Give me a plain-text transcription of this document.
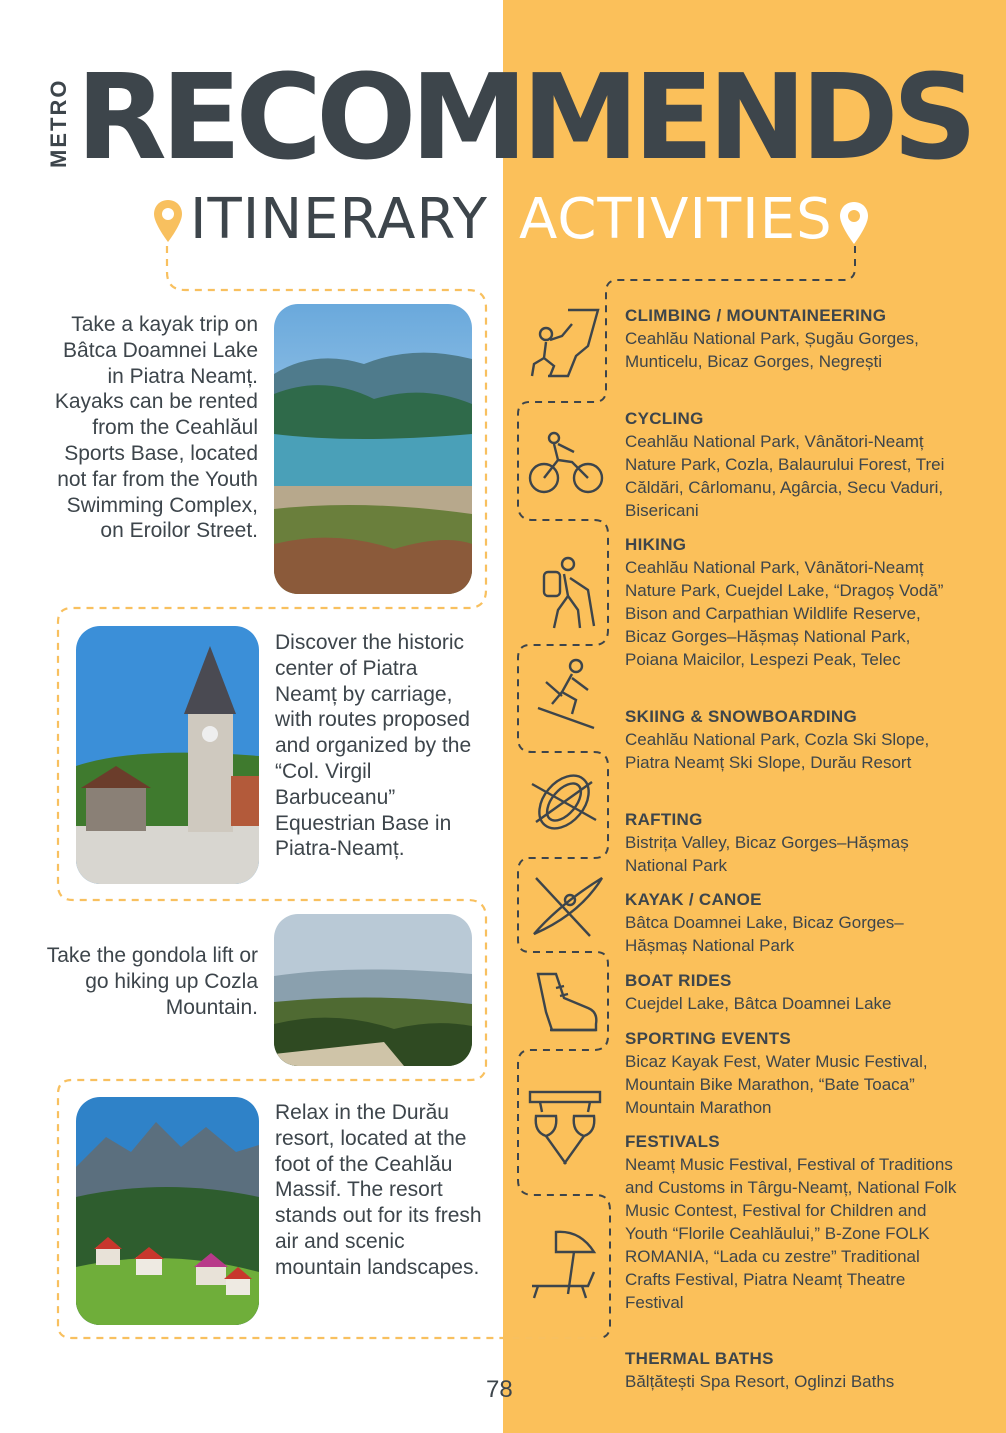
METRO RECOMMENDS
ITINERARY ACTIVITIES
Take a kayak trip on Bâtca Doamnei Lake in Piatra Neamț. Kayaks can be rented from the Ceahlăul Sports Base, located not far from the Youth Swimming Complex, on Eroilor Street.
Discover the historic center of Piatra Neamț by carriage, with routes proposed and organized by the “Col. Virgil Barbuceanu” Equestrian Base in Piatra-Neamț.
Take the gondola lift or go hiking up Cozla Mountain.
Relax in the Durău resort, located at the foot of the Ceahlău Massif. The resort stands out for its fresh air and scenic mountain landscapes.
CLIMBING / MOUNTAINEERING
Ceahlău National Park, Șugău Gorges, Munticelu, Bicaz Gorges, Negrești
CYCLING
Ceahlău National Park, Vânători-Neamț Nature Park, Cozla, Balaurului Forest, Trei Căldări, Cârlomanu, Agârcia, Secu Vaduri, Bisericani
HIKING
Ceahlău National Park, Vânători-Neamț Nature Park, Cuejdel Lake, “Dragoș Vodă” Bison and Carpathian Wildlife Reserve, Bicaz Gorges–Hășmaș National Park, Poiana Maicilor, Lespezi Peak, Telec
SKIING & SNOWBOARDING
Ceahlău National Park, Cozla Ski Slope, Piatra Neamț Ski Slope, Durău Resort
RAFTING
Bistrița Valley, Bicaz Gorges–Hășmaș National Park
KAYAK / CANOE
Bâtca Doamnei Lake, Bicaz Gorges–Hășmaș National Park
BOAT RIDES
Cuejdel Lake, Bâtca Doamnei Lake
SPORTING EVENTS
Bicaz Kayak Fest, Water Music Festival, Mountain Bike Marathon, “Bate Toaca” Mountain Marathon
FESTIVALS
Neamț Music Festival, Festival of Traditions and Customs in Târgu-Neamț, National Folk Music Contest, Festival for Children and Youth “Florile Ceahlăului,” B-Zone FOLK ROMANIA, “Lada cu zestre” Traditional Crafts Festival, Piatra Neamț Theatre Festival
THERMAL BATHS
Bălțătești Spa Resort, Oglinzi Baths
78
